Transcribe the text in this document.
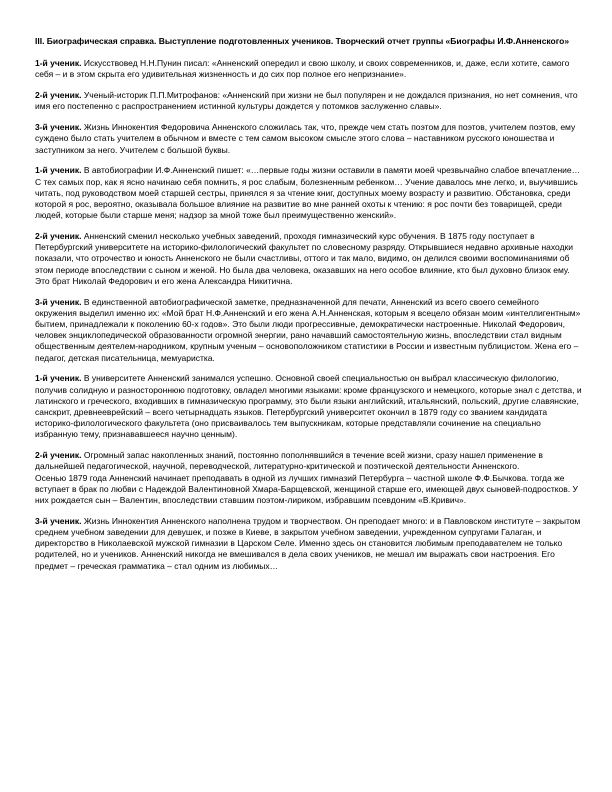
III. Биографическая справка. Выступление подготовленных учеников. Творческий отчет группы «Биографы И.Ф.Анненского»

1-й ученик. Искусствовед Н.Н.Пунин писал: «Анненский опередил и свою школу, и своих современников, и, даже, если хотите, самого себя – и в этом скрыта его удивительная жизненность и до сих пор полное его непризнание».

2-й ученик. Ученый-историк П.П.Митрофанов: «Анненский при жизни не был популярен и не дождался признания, но нет сомнения, что имя его постепенно с распространением истинной культуры дождется у потомков заслуженно славы».

3-й ученик. Жизнь Иннокентия Федоровича Анненского сложилась так, что, прежде чем стать поэтом для поэтов, учителем поэтов, ему суждено было стать учителем в обычном и вместе с тем самом высоком смысле этого слова – наставником русского юношества и заступником за него. Учителем с большой буквы.

1-й ученик. В автобиографии И.Ф.Анненский пишет: «…первые годы жизни оставили в памяти моей чрезвычайно слабое впечатление… С тех самых пор, как я ясно начинаю себя помнить, я рос слабым, болезненным ребенком… Учение давалось мне легко, и, выучившись читать, под руководством моей старшей сестры, принялся я за чтение книг, доступных моему возрасту и развитию. Обстановка, среди которой я рос, вероятно, оказывала большое влияние на развитие во мне ранней охоты к чтению: я рос почти без товарищей, среди людей, которые были старше меня; надзор за мной тоже был преимущественно женский».

2-й ученик. Анненский сменил несколько учебных заведений, проходя гимназический курс обучения. В 1875 году поступает в Петербургский университете на историко-филологический факультет по словесному разряду. Открывшиеся недавно архивные находки показали, что отрочество и юность Анненского не были счастливы, оттого и так мало, видимо, он делился своими воспоминаниями об этом периоде впоследствии с сыном и женой. Но была два человека, оказавших на него особое влияние, кто был духовно близок ему. Это брат Николай Федорович и его жена Александра Никитична.

3-й ученик. В единственной автобиографической заметке, предназначенной для печати, Анненский из всего своего семейного окружения выделил именно их: «Мой брат Н.Ф.Анненский и его жена А.Н.Анненская, которым я всецело обязан моим «интеллигентным» бытием, принадлежали к поколению 60-х годов». Это были люди прогрессивные, демократически настроенные. Николай Федорович, человек энциклопедической образованности огромной энергии, рано начавший самостоятельную жизнь, впоследствии стал видным общественным деятелем-народником, крупным ученым – основоположником статистики в России и известным публицистом. Жена его – педагог, детская писательница, мемуаристка.

1-й ученик. В университете Анненский занимался успешно. Основной своей специальностью он выбрал классическую филологию, получив солидную и разностороннюю подготовку, овладел многими языками: кроме французского и немецкого, которые знал с детства, и латинского и греческого, входивших в гимназическую программу, это были языки английский, итальянский, польский, другие славянские, санскрит, древнееврейский – всего четырнадцать языков. Петербургский университет окончил в 1879 году со званием кандидата историко-филологического факультета (оно присваивалось тем выпускникам, которые представляли сочинение на специально избранную тему, признававшееся научно ценным).

2-й ученик. Огромный запас накопленных знаний, постоянно пополнявшийся в течение всей жизни, сразу нашел применение в дальнейшей педагогической, научной, переводческой, литературно-критической и поэтической деятельности Анненского.

Осенью 1879 года Анненский начинает преподавать в одной из лучших гимназий Петербурга – частной школе Ф.Ф.Бычкова. тогда же вступает в брак по любви с Надеждой Валентиновной Хмара-Барщевской, женщиной старше его, имеющей двух сыновей-подростков. У них рождается сын – Валентин, впоследствии ставшим поэтом-лириком, избравшим псевдоним «В.Кривич».

3-й ученик. Жизнь Иннокентия Анненского наполнена трудом и творчеством. Он преподает много: и в Павловском институте – закрытом среднем учебном заведении для девушек, и позже в Киеве, в закрытом учебном заведении, учрежденном супругами Галаган, и директорство в Николаевской мужской гимназии в Царском Селе. Именно здесь он становится любимым преподавателем не только родителей, но и учеников. Анненский никогда не вмешивался в дела своих учеников, не мешал им выражать свои настроения. Его предмет – греческая грамматика – стал одним из любимых…
